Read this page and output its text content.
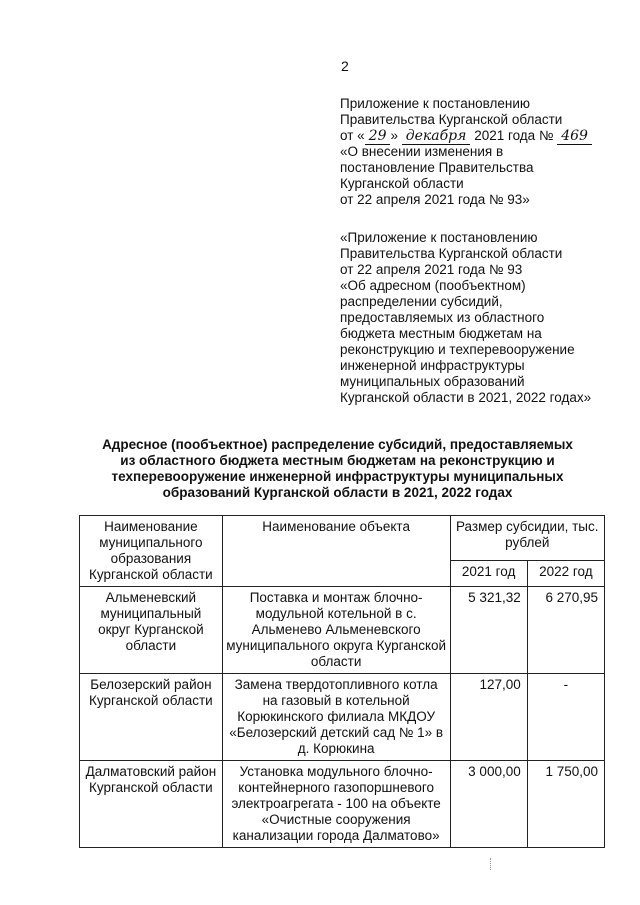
2
Приложение к постановлению
Правительства Курганской области
от « 29 » декабря 2021 года № 469
«О внесении изменения в
постановление Правительства
Курганской области
от 22 апреля 2021 года № 93»
«Приложение к постановлению
Правительства Курганской области
от 22 апреля 2021 года № 93
«Об адресном (пообъектном)
распределении субсидий,
предоставляемых из областного
бюджета местным бюджетам на
реконструкцию и техперевооружение
инженерной инфраструктуры
муниципальных образований
Курганской области в 2021, 2022 годах»
Адресное (пообъектное) распределение субсидий, предоставляемых
из областного бюджета местным бюджетам на реконструкцию и
техперевооружение инженерной инфраструктуры муниципальных
образований Курганской области в 2021, 2022 годах
Наименование муниципального образования Курганской области	Наименование объекта	Размер субсидии, тыс. рублей	
		2021 год	2022 год
Альменевский муниципальный округ Курганской области	Поставка и монтаж блочно-модульной котельной в с. Альменево Альменевского муниципального округа Курганской области	5 321,32	6 270,95
Белозерский район Курганской области	Замена твердотопливного котла на газовый в котельной Корюкинского филиала МКДОУ «Белозерский детский сад № 1» в д. Корюкина	127,00	-
Далматовский район Курганской области	Установка модульного блочно-контейнерного газопоршневого электроагрегата - 100 на объекте «Очистные сооружения канализации города Далматово»	3 000,00	1 750,00
